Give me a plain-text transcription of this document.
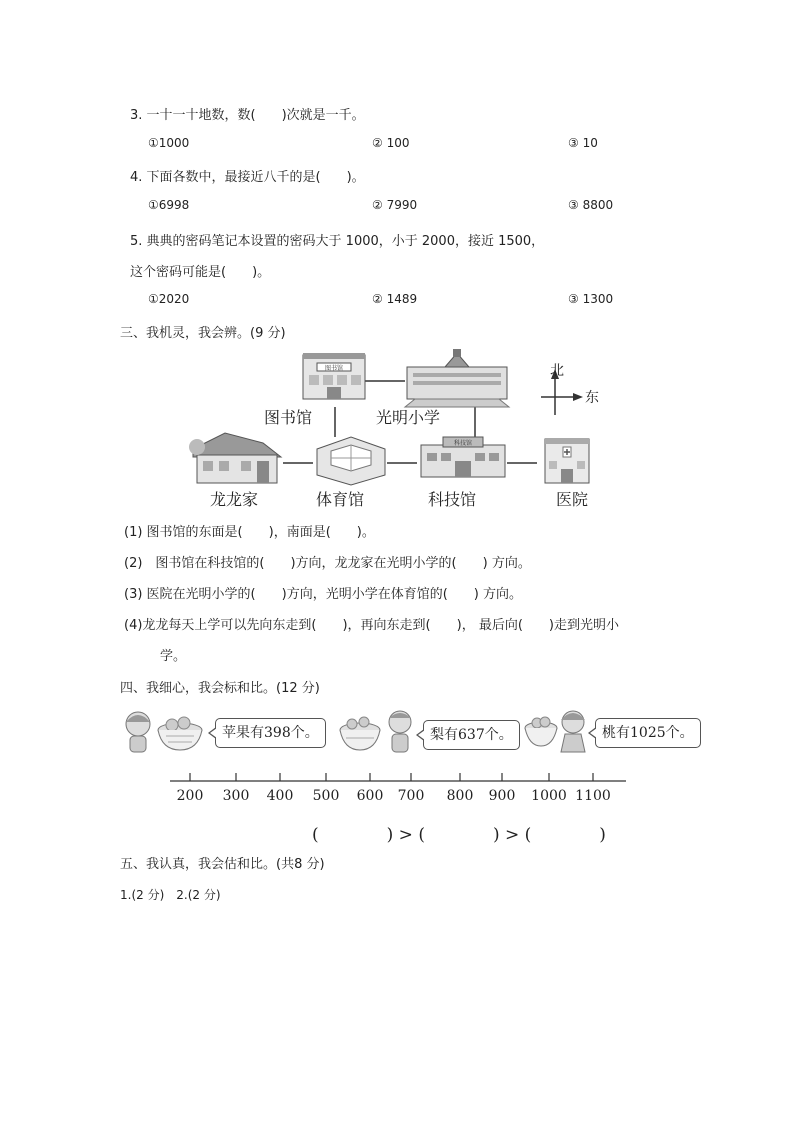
3. 一十一十地数，数(　　)次就是一千。
①1000	② 100	③ 10
4. 下面各数中，最接近八千的是(　　)。
①6998	② 7990	③ 8800
5. 典典的密码笔记本设置的密码大于 1000，小于 2000，接近 1500，
这个密码可能是(　　)。
①2020	② 1489	③ 1300
三、我机灵，我会辨。(9 分)
图书馆
科技馆
北
东
图书馆	光明小学
龙龙家	体育馆	科技馆	医院
(1) 图书馆的东面是(　　)，南面是(　　)。
(2)　图书馆在科技馆的(　　)方向，龙龙家在光明小学的(　　) 方向。
(3) 医院在光明小学的(　　)方向，光明小学在体育馆的(　　) 方向。
(4)龙龙每天上学可以先向东走到(　　)，再向东走到(　　)， 最后向(　　)走到光明小
学。
四、我细心，我会标和比。(12 分)
苹果有398个。	梨有637个。	桃有1025个。
200 300 400 500 600 700 800 900 1000 1100
(　　　　) > (　　　　) > (　　　　)
五、我认真，我会估和比。(共8 分)
1.(2 分)　2.(2 分)
